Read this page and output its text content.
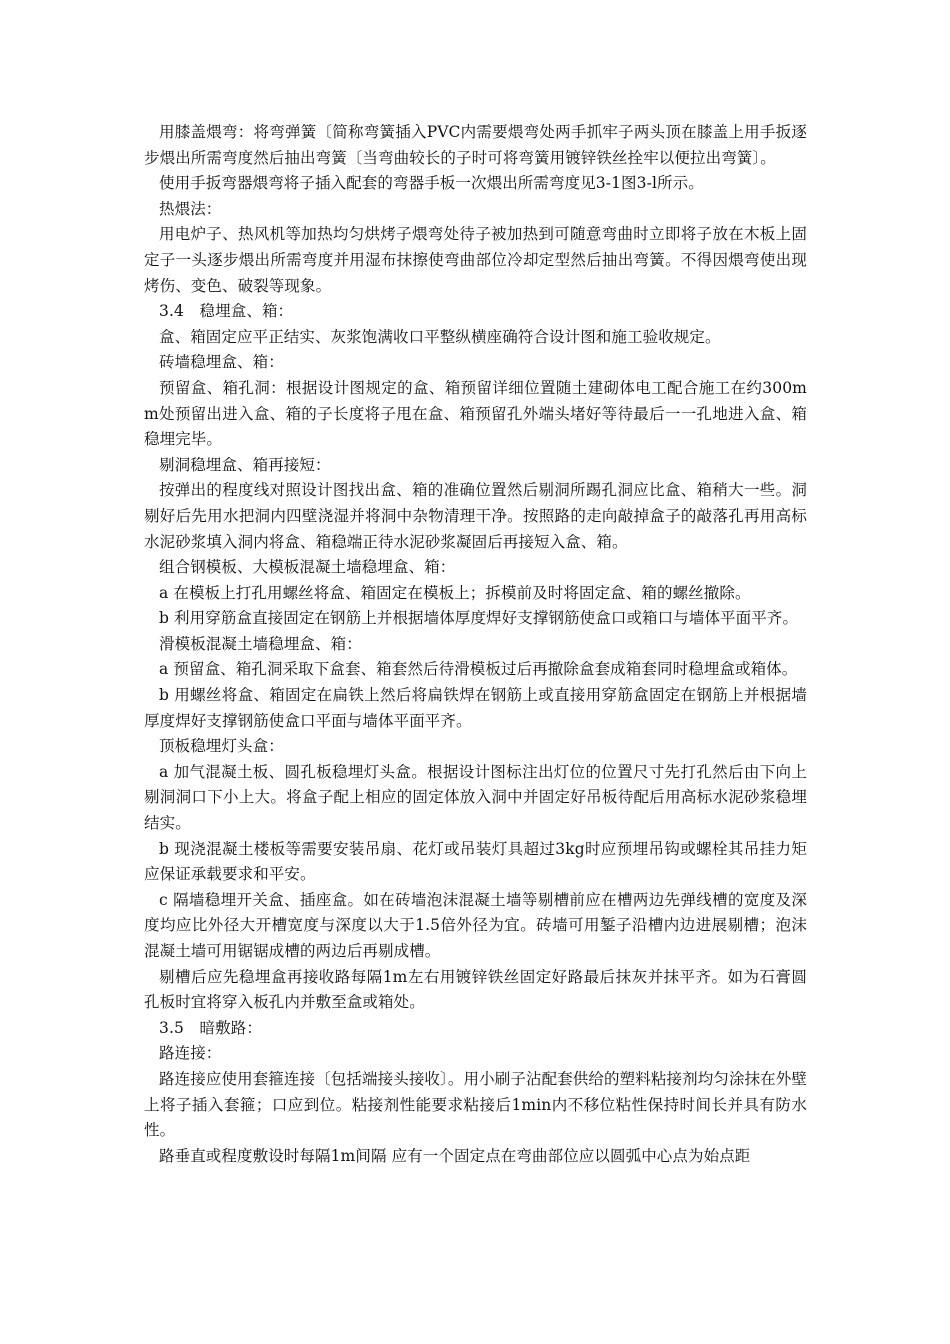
用膝盖煨弯：将弯弹簧〔简称弯簧插入PVC内需要煨弯处两手抓牢子两头顶在膝盖上用手扳逐步煨出所需弯度然后抽出弯簧〔当弯曲较长的子时可将弯簧用镀锌铁丝拴牢以便拉出弯簧〕。

使用手扳弯器煨弯将子插入配套的弯器手板一次煨出所需弯度见3-1图3-l所示。

热煨法：

用电炉子、热风机等加热均匀烘烤子煨弯处待子被加热到可随意弯曲时立即将子放在木板上固定子一头逐步煨出所需弯度并用湿布抹擦使弯曲部位冷却定型然后抽出弯簧。不得因煨弯使出现烤伤、变色、破裂等现象。

3.4　稳埋盒、箱：

盒、箱固定应平正结实、灰浆饱满收口平整纵横座确符合设计图和施工验收规定。

砖墙稳埋盒、箱：

预留盒、箱孔洞：根据设计图规定的盒、箱预留详细位置随土建砌体电工配合施工在约300mm处预留出进入盒、箱的子长度将子甩在盒、箱预留孔外端头堵好等待最后一一孔地进入盒、箱稳埋完毕。

剔洞稳埋盒、箱再接短：

按弹出的程度线对照设计图找出盒、箱的准确位置然后剔洞所踢孔洞应比盒、箱稍大一些。洞剔好后先用水把洞内四壁浇湿并将洞中杂物清理干净。按照路的走向敲掉盒子的敲落孔再用高标水泥砂浆填入洞内将盒、箱稳端正待水泥砂浆凝固后再接短入盒、箱。

组合钢模板、大模板混凝土墙稳埋盒、箱：

a 在模板上打孔用螺丝将盒、箱固定在模板上；拆模前及时将固定盒、箱的螺丝撤除。

b 利用穿筋盒直接固定在钢筋上并根据墙体厚度焊好支撑钢筋使盒口或箱口与墙体平面平齐。

滑模板混凝土墙稳埋盒、箱：

a 预留盒、箱孔洞采取下盒套、箱套然后待滑模板过后再撤除盒套成箱套同时稳埋盒或箱体。

b 用螺丝将盒、箱固定在扁铁上然后将扁铁焊在钢筋上或直接用穿筋盒固定在钢筋上并根据墙厚度焊好支撑钢筋使盒口平面与墙体平面平齐。

顶板稳埋灯头盒：

a 加气混凝土板、圆孔板稳埋灯头盒。根据设计图标注出灯位的位置尺寸先打孔然后由下向上剔洞洞口下小上大。将盒子配上相应的固定体放入洞中并固定好吊板待配后用高标水泥砂浆稳埋结实。

b 现浇混凝土楼板等需要安装吊扇、花灯或吊装灯具超过3kg时应预埋吊钩或螺栓其吊挂力矩应保证承载要求和平安。

c 隔墙稳埋开关盒、插座盒。如在砖墙泡沫混凝土墙等剔槽前应在槽两边先弹线槽的宽度及深度均应比外径大开槽宽度与深度以大于1.5倍外径为宜。砖墙可用錾子沿槽内边进展剔槽；泡沫混凝土墙可用锯锯成槽的两边后再剔成槽。

剔槽后应先稳埋盒再接收路每隔1m左右用镀锌铁丝固定好路最后抹灰并抹平齐。如为石膏圆孔板时宜将穿入板孔内并敷至盒或箱处。

3.5　暗敷路：

路连接：

路连接应使用套箍连接〔包括端接头接收〕。用小刷子沾配套供给的塑料粘接剂均匀涂抹在外壁上将子插入套箍；口应到位。粘接剂性能要求粘接后1min内不移位粘性保持时间长并具有防水性。

路垂直或程度敷设时每隔1m间隔 应有一个固定点在弯曲部位应以圆弧中心点为始点距
